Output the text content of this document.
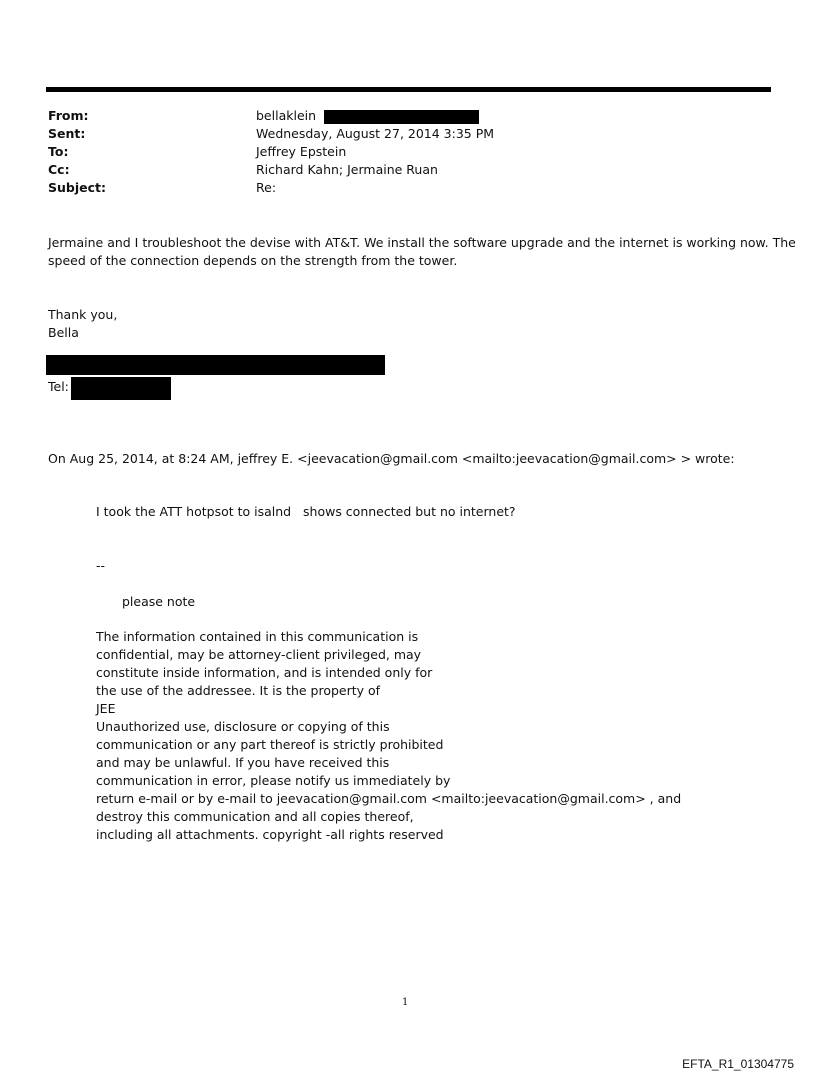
From:	bellaklein
Sent:	Wednesday, August 27, 2014 3:35 PM
To:	Jeffrey Epstein
Cc:	Richard Kahn; Jermaine Ruan
Subject:	Re:
Jermaine and I troubleshoot the devise with AT&T. We install the software upgrade and the internet is working now. The
speed of the connection depends on the strength from the tower.
Thank you,
Bella
Tel:
On Aug 25, 2014, at 8:24 AM, jeffrey E. <jeevacation@gmail.com <mailto:jeevacation@gmail.com> > wrote:
I took the ATT hotpsot to isalnd   shows connected but no internet?
--
please note
The information contained in this communication is
confidential, may be attorney-client privileged, may
constitute inside information, and is intended only for
the use of the addressee. It is the property of
JEE
Unauthorized use, disclosure or copying of this
communication or any part thereof is strictly prohibited
and may be unlawful. If you have received this
communication in error, please notify us immediately by
return e-mail or by e-mail to jeevacation@gmail.com <mailto:jeevacation@gmail.com> , and
destroy this communication and all copies thereof,
including all attachments. copyright -all rights reserved
1
EFTA_R1_01304775
